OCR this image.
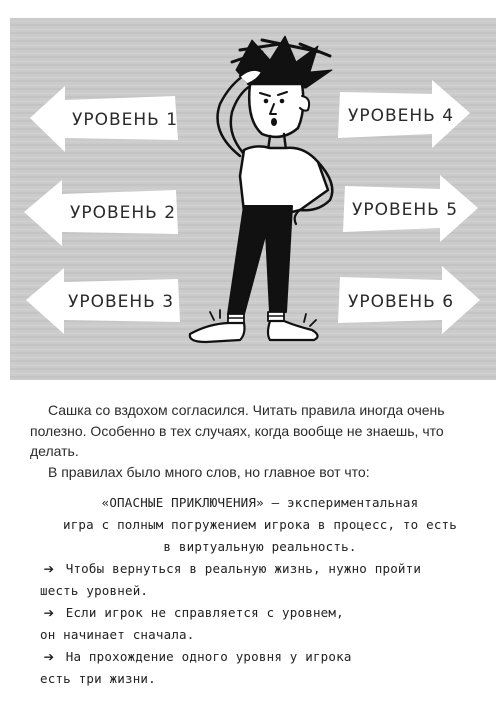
УРОВЕНЬ 1
УРОВЕНЬ 2
УРОВЕНЬ 3
УРОВЕНЬ 4
УРОВЕНЬ 5
УРОВЕНЬ 6

Сашка со вздохом согласился. Читать правила иногда очень полезно. Особенно в тех случаях, когда вообще не знаешь, что делать.

В правилах было много слов, но главное вот что:

«ОПАСНЫЕ ПРИКЛЮЧЕНИЯ» — экспериментальная
игра с полным погружением игрока в процесс, то есть
в виртуальную реальность.
➔ Чтобы вернуться в реальную жизнь, нужно пройти
шесть уровней.
➔ Если игрок не справляется с уровнем,
он начинает сначала.
➔ На прохождение одного уровня у игрока
есть три жизни.
